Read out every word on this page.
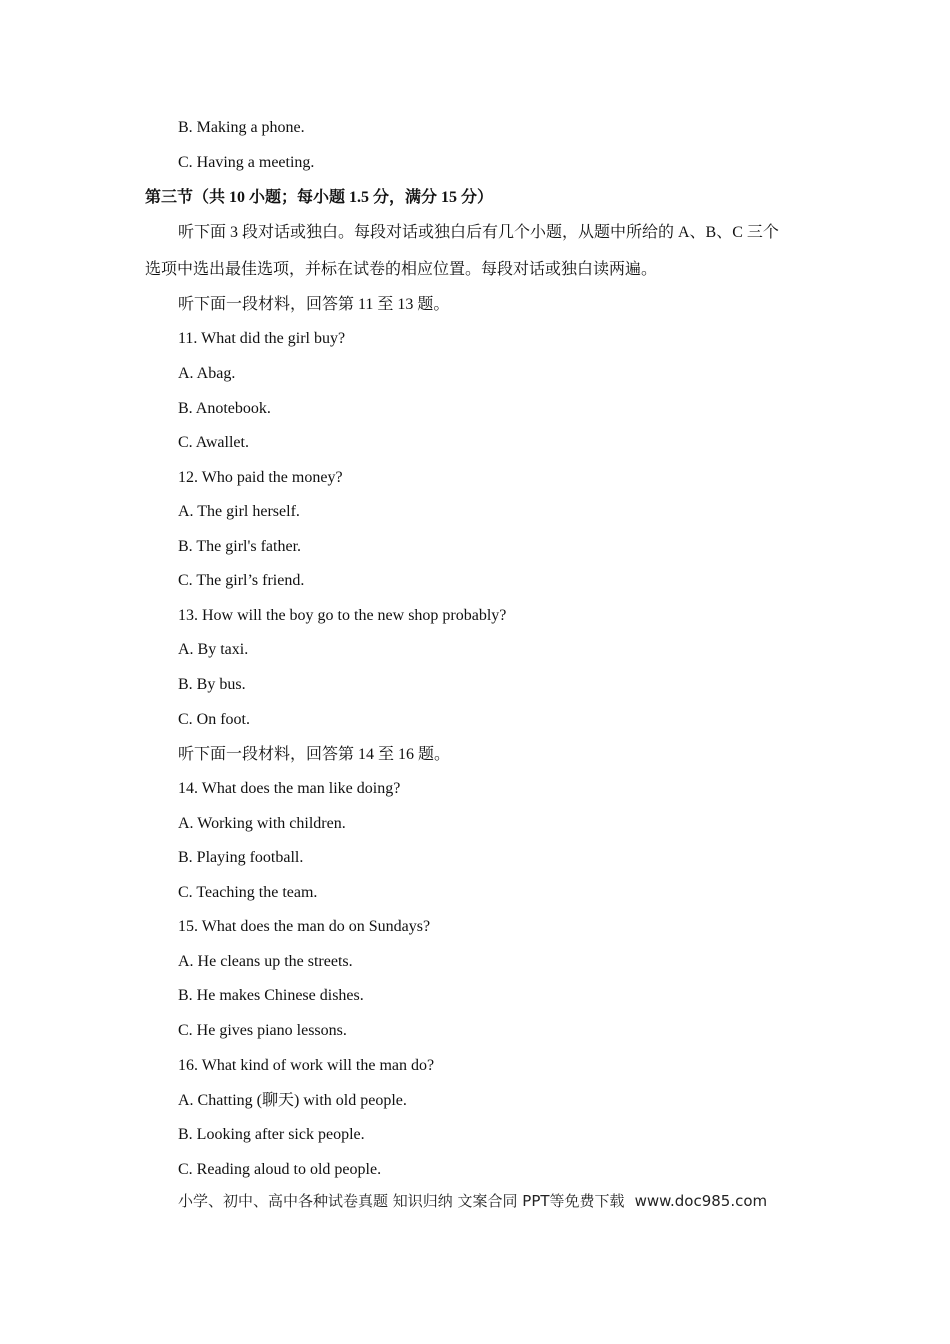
B. Making a phone.
C. Having a meeting.
第三节（共 10 小题；每小题 1.5 分，满分 15 分）
听下面 3 段对话或独白。每段对话或独白后有几个小题，从题中所给的 A、B、C 三个
选项中选出最佳选项，并标在试卷的相应位置。每段对话或独白读两遍。
听下面一段材料，回答第 11 至 13 题。
11. What did the girl buy?
A. Abag.
B. Anotebook.
C. Awallet.
12. Who paid the money?
A. The girl herself.
B. The girl's father.
C. The girl’s friend.
13. How will the boy go to the new shop probably?
A. By taxi.
B. By bus.
C. On foot.
听下面一段材料，回答第 14 至 16 题。
14. What does the man like doing?
A. Working with children.
B. Playing football.
C. Teaching the team.
15. What does the man do on Sundays?
A. He cleans up the streets.
B. He makes Chinese dishes.
C. He gives piano lessons.
16. What kind of work will the man do?
A. Chatting (聊天) with old people.
B. Looking after sick people.
C. Reading aloud to old people.
小学、初中、高中各种试卷真题 知识归纳 文案合同 PPT等免费下载 www.doc985.com
